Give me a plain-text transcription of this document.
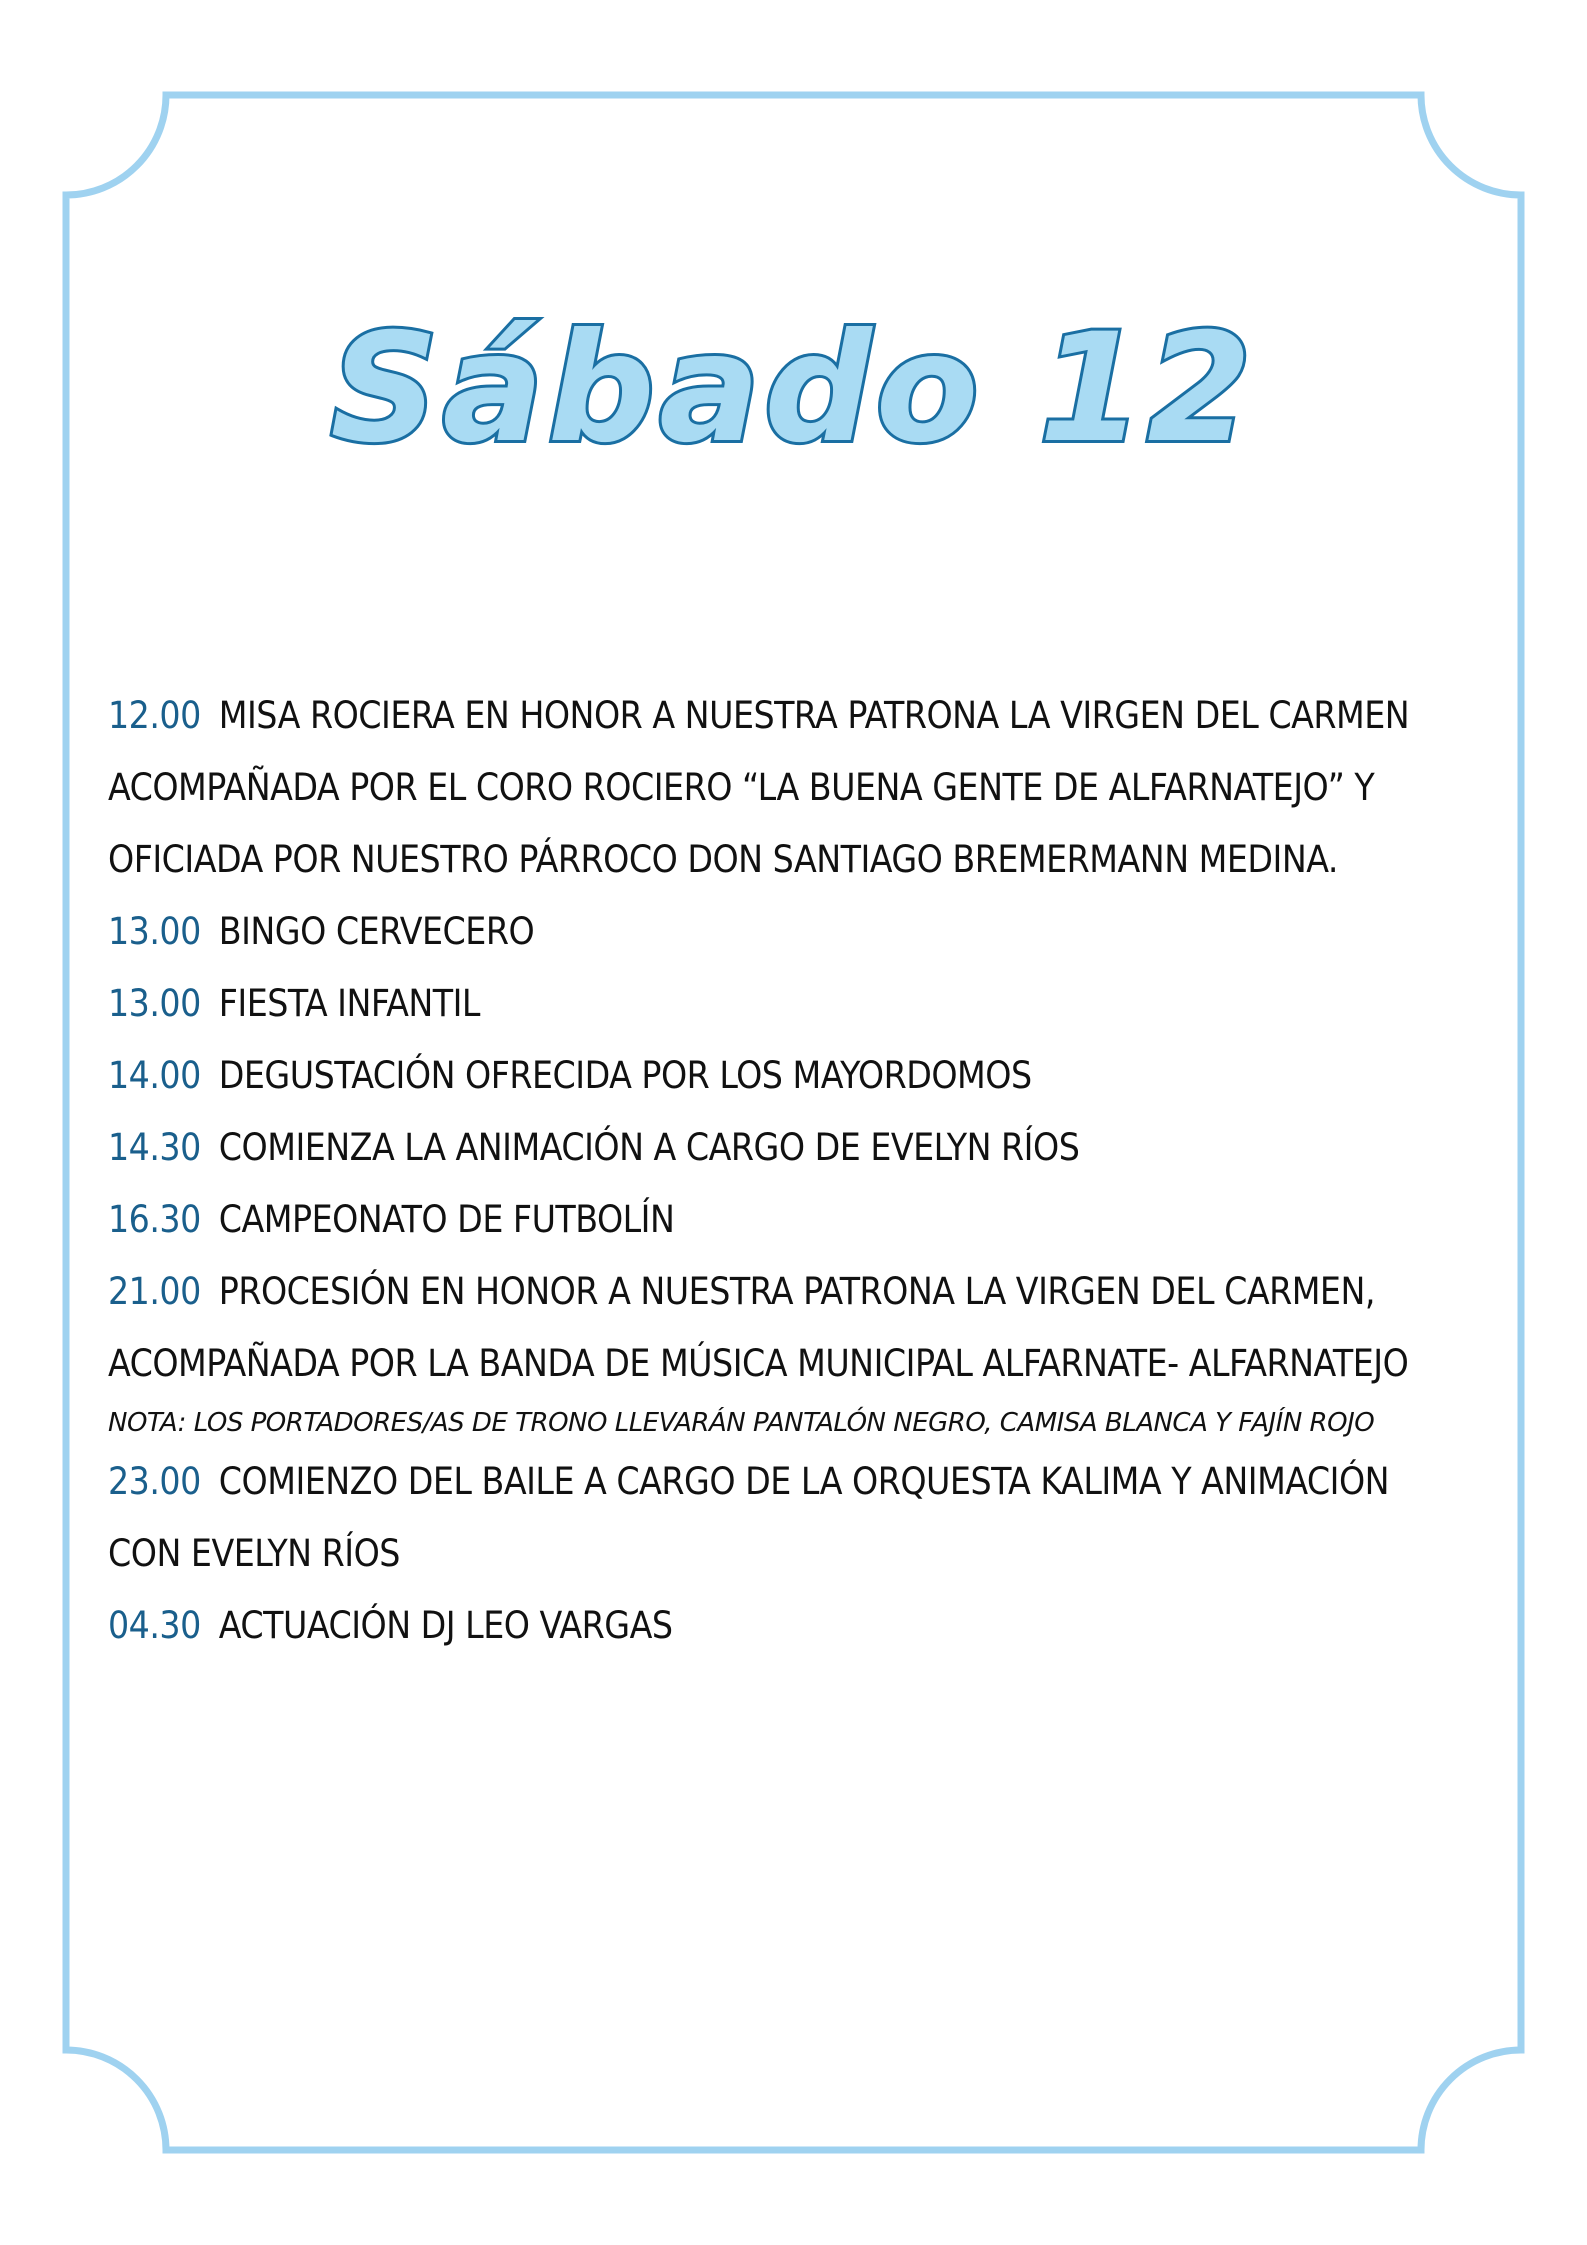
Sábado 12
12.00 MISA ROCIERA EN HONOR A NUESTRA PATRONA LA VIRGEN DEL CARMEN
ACOMPAÑADA POR EL CORO ROCIERO “LA BUENA GENTE DE ALFARNATEJO” Y
OFICIADA POR NUESTRO PÁRROCO DON SANTIAGO BREMERMANN MEDINA.
13.00 BINGO CERVECERO
13.00 FIESTA INFANTIL
14.00 DEGUSTACIÓN OFRECIDA POR LOS MAYORDOMOS
14.30 COMIENZA LA ANIMACIÓN A CARGO DE EVELYN RÍOS
16.30 CAMPEONATO DE FUTBOLÍN
21.00 PROCESIÓN EN HONOR A NUESTRA PATRONA LA VIRGEN DEL CARMEN,
ACOMPAÑADA POR LA BANDA DE MÚSICA MUNICIPAL ALFARNATE- ALFARNATEJO
NOTA: LOS PORTADORES/AS DE TRONO LLEVARÁN PANTALÓN NEGRO, CAMISA BLANCA Y FAJÍN ROJO
23.00 COMIENZO DEL BAILE A CARGO DE LA ORQUESTA KALIMA Y ANIMACIÓN
CON EVELYN RÍOS
04.30 ACTUACIÓN DJ LEO VARGAS
